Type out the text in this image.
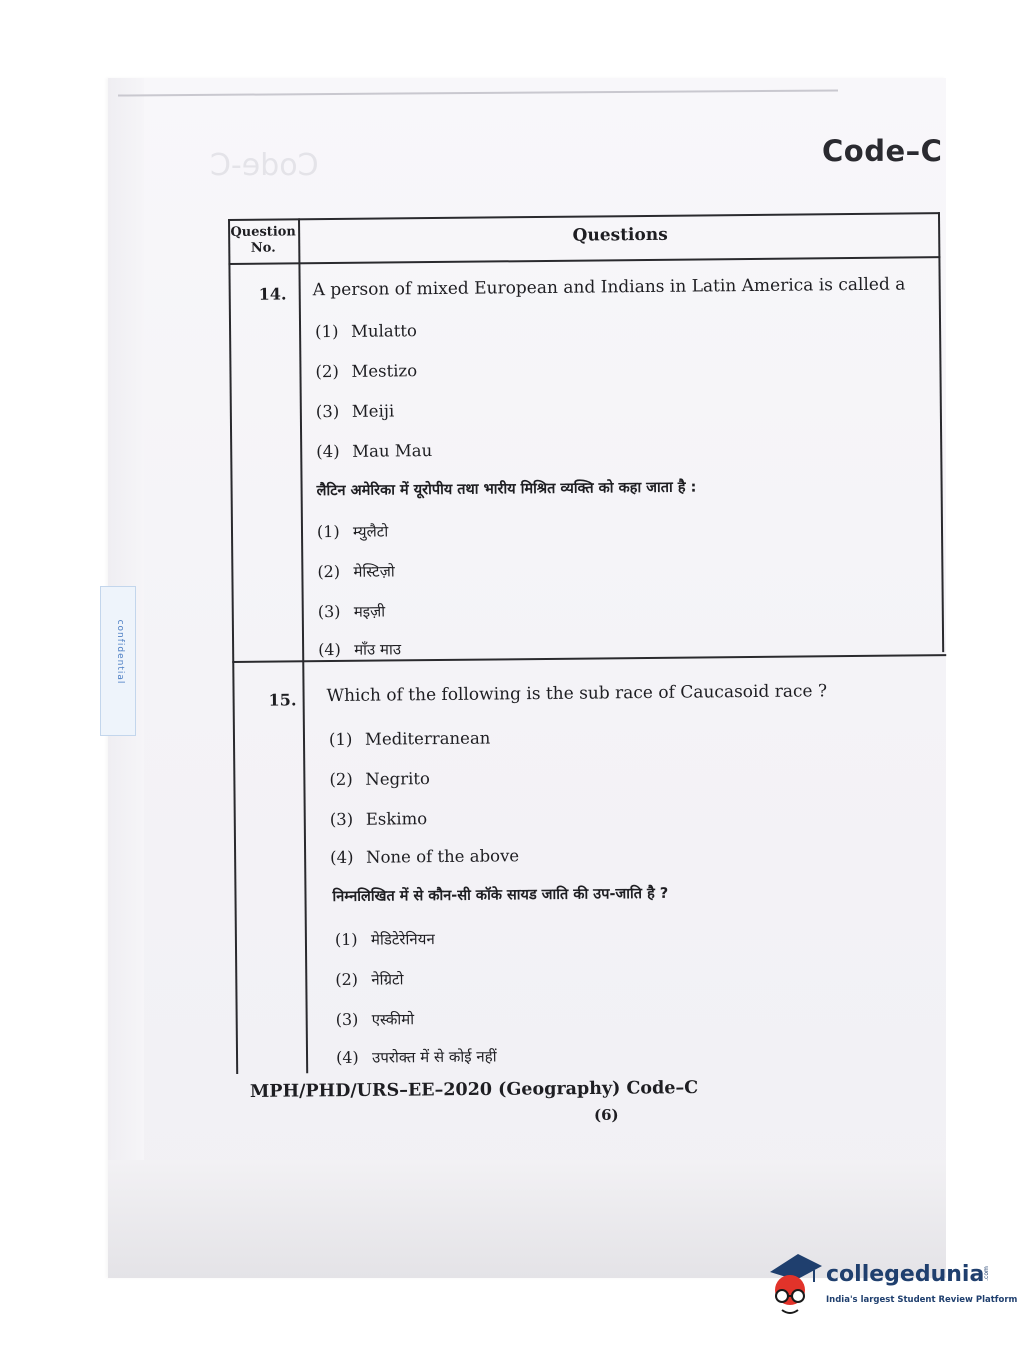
Code-C	Code–C
confidential
Question
No.
Questions
14. A person of mixed European and Indians in Latin America is called a
(1) Mulatto
(2) Mestizo
(3) Meiji
(4) Mau Mau
लैटिन अमेरिका में यूरोपीय तथा भारीय मिश्रित व्यक्ति को कहा जाता है :
(1) म्युलैटो
(2) मेस्टिज़ो
(3) मइज़ी
(4) माँउ माउ
15. Which of the following is the sub race of Caucasoid race ?
(1) Mediterranean
(2) Negrito
(3) Eskimo
(4) None of the above
निम्नलिखित में से कौन-सी कॉके सायड जाति की उप-जाति है ?
(1) मेडिटेरेनियन
(2) नेग्रिटो
(3) एस्कीमो
(4) उपरोक्त में से कोई नहीं
MPH/PHD/URS–EE–2020 (Geography) Code–C
(6)
collegedunia
.com
India's largest Student Review Platform
